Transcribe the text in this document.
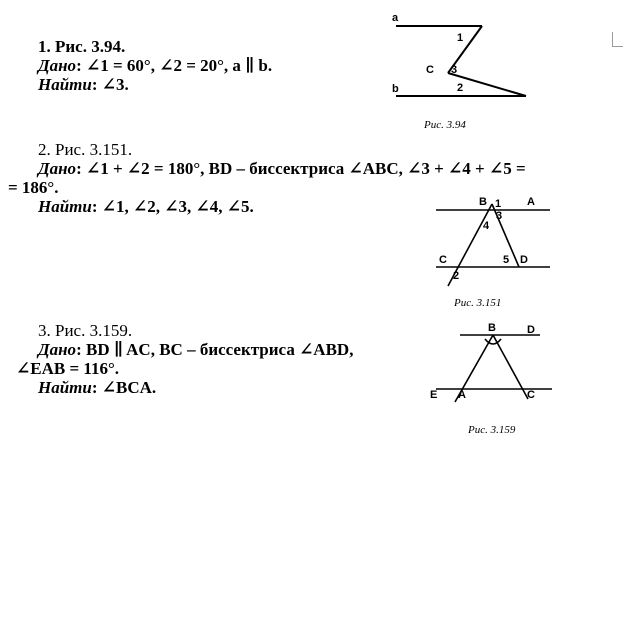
1. Рис. 3.94.
Дано: ∠1 = 60°, ∠2 = 20°, a ∥ b.
Найти: ∠3.
Рис. 3.94
2. Рис. 3.151.
Дано: ∠1 + ∠2 = 180°, BD – биссектриса ∠ABC, ∠3 + ∠4 + ∠5 =
= 186°.
Найти: ∠1, ∠2, ∠3, ∠4, ∠5.
Рис. 3.151
3. Рис. 3.159.
Дано: BD ∥ AC, BC – биссектриса ∠ABD,
∠EAB = 116°.
Найти: ∠BCA.
Рис. 3.159
a
1
C 3
b	2
B 1 A
3
4
C	5 D
2
B	D
E A	C
